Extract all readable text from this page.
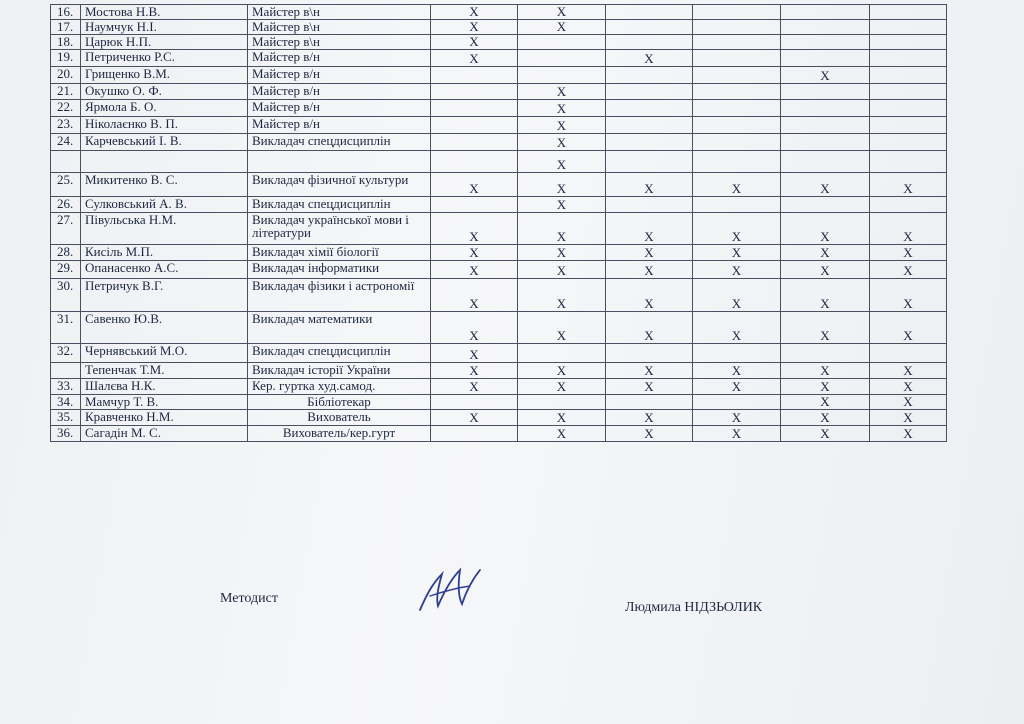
16.	Мостова Н.В.	Майстер в\н	X	X				
17.	Наумчук Н.І.	Майстер в\н	X	X				
18.	Царюк Н.П.	Майстер в\н	X					
19.	Петриченко Р.С.	Майстер в/н	X		X			
20.	Грищенко В.М.	Майстер в/н					X	
21.	Окушко О. Ф.	Майстер в/н		X				
22.	Ярмола Б. О.	Майстер в/н		X				
23.	Ніколаєнко В. П.	Майстер в/н		X				
24.	Карчевський І. В.	Викладач спецдисциплін		X				
				X				
25.	Микитенко В. С.	Викладач фізичної культури	X	X	X	X	X	X
26.	Сулковський А. В.	Викладач спецдисциплін		X				
27.	Півульська Н.М.	Викладач української мови і літератури	X	X	X	X	X	X
28.	Кисіль М.П.	Викладач хімії біології	X	X	X	X	X	X
29.	Опанасенко А.С.	Викладач інформатики	X	X	X	X	X	X
30.	Петричук В.Г.	Викладач фізики і астрономії	X	X	X	X	X	X
31.	Савенко Ю.В.	Викладач математики	X	X	X	X	X	X
32.	Чернявський М.О.	Викладач спецдисциплін	X					
	Тепенчак Т.М.	Викладач історії України	X	X	X	X	X	X
33.	Шалєва Н.К.	Кер. гуртка худ.самод.	X	X	X	X	X	X
34.	Мамчур Т. В.	Бібліотекар					X	X
35.	Кравченко Н.М.	Вихователь	X	X	X	X	X	X
36.	Сагадін М. С.	Вихователь/кер.гурт		X	X	X	X	X
Методист
Людмила НІДЗЬОЛИК
